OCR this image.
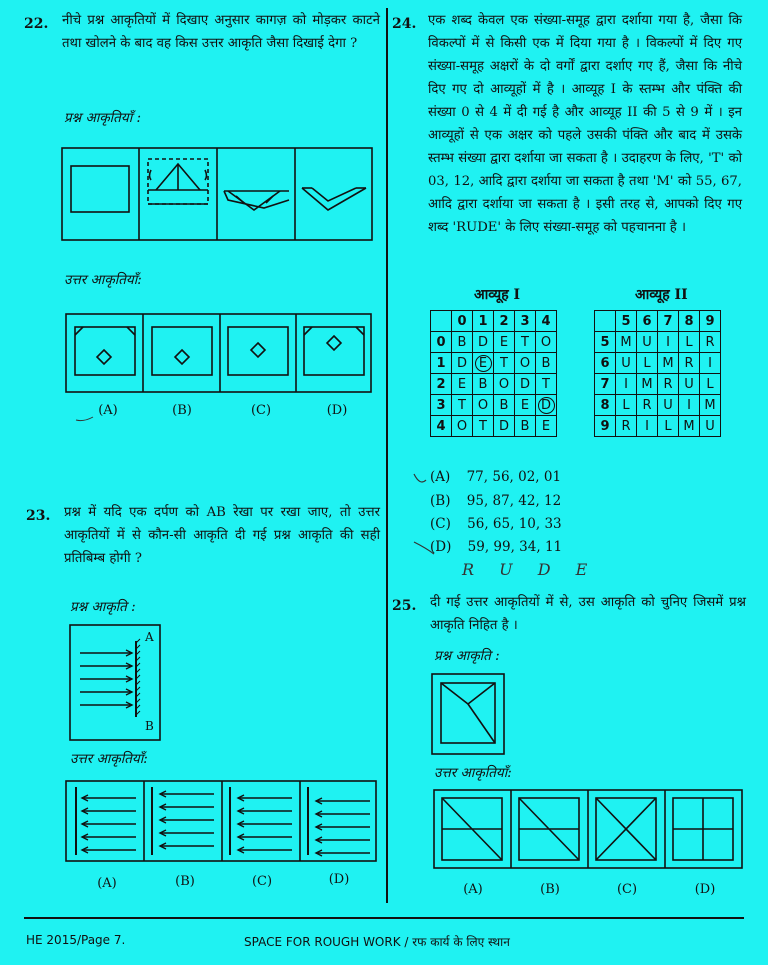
22. नीचे प्रश्न आकृतियों में दिखाए अनुसार कागज़ को मोड़कर काटने तथा खोलने के बाद वह किस उत्तर आकृति जैसा दिखाई देगा ?
प्रश्न आकृतियाँ :
उत्तर आकृतियाँ:
(A)	(B)	(C)	(D)
23. प्रश्न में यदि एक दर्पण को AB रेखा पर रखा जाए, तो उत्तर आकृतियों में से कौन-सी आकृति दी गई प्रश्न आकृति की सही प्रतिबिम्ब होगी ?
प्रश्न आकृति :
A
B
उत्तर आकृतियाँ:
(A)	(B)	(C)	(D)
24. एक शब्द केवल एक संख्या-समूह द्वारा दर्शाया गया है, जैसा कि विकल्पों में से किसी एक में दिया गया है । विकल्पों में दिए गए संख्या-समूह अक्षरों के दो वर्गों द्वारा दर्शाए गए हैं, जैसा कि नीचे दिए गए दो आव्यूहों में है । आव्यूह I के स्तम्भ और पंक्ति की संख्या 0 से 4 में दी गई है और आव्यूह II की 5 से 9 में । इन आव्यूहों से एक अक्षर को पहले उसकी पंक्ति और बाद में उसके स्तम्भ संख्या द्वारा दर्शाया जा सकता है । उदाहरण के लिए, 'T' को 03, 12, आदि द्वारा दर्शाया जा सकता है तथा 'M' को 55, 67, आदि द्वारा दर्शाया जा सकता है । इसी तरह से, आपको दिए गए शब्द 'RUDE' के लिए संख्या-समूह को पहचानना है ।
आव्यूह I	आव्यूह II
	0	1	2	3	4
0	B	D	E	T	O
1	D	E	T	O	B
2	E	B	O	D	T
3	T	O	B	E	D
4	O	T	D	B	E
	5	6	7	8	9
5	M	U	I	L	R
6	U	L	M	R	I
7	I	M	R	U	L
8	L	R	U	I	M
9	R	I	L	M	U
(A) 77, 56, 02, 01
(B) 95, 87, 42, 12
(C) 56, 65, 10, 33
(D) 59, 99, 34, 11
R U D E
25. दी गई उत्तर आकृतियों में से, उस आकृति को चुनिए जिसमें प्रश्न आकृति निहित है ।
प्रश्न आकृति :
उत्तर आकृतियाँ:
(A)	(B)	(C)	(D)
HE 2015/Page 7.	SPACE FOR ROUGH WORK / रफ कार्य के लिए स्थान
